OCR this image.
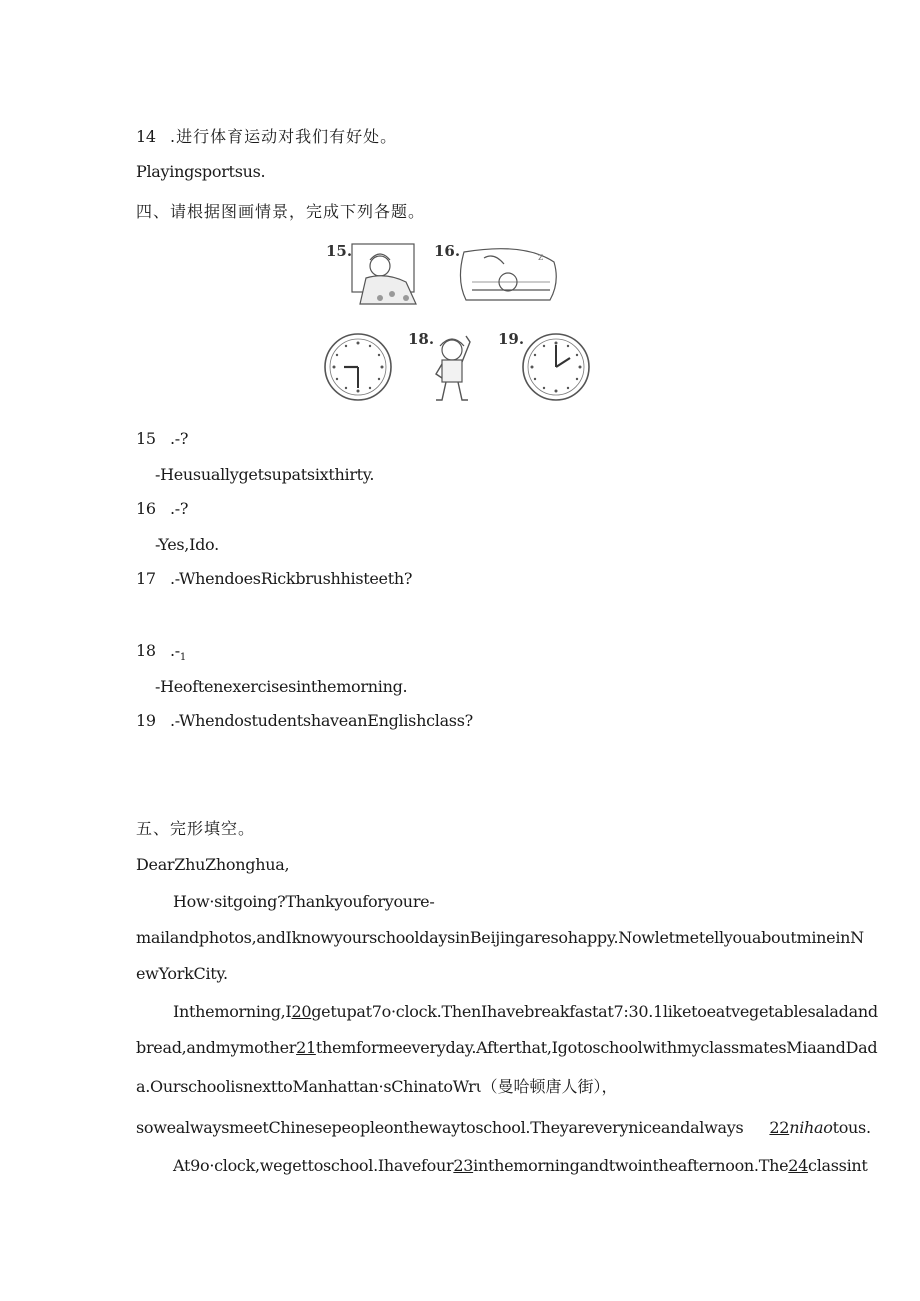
14 .进行体育运动对我们有好处。
Playingsportsus.
四、请根据图画情景，完成下列各题。
15.	16.	z
18.	19.
15 .-?
-Heusuallygetsupatsixthirty.
16 .-?
-Yes,Ido.
17 .-WhendoesRickbrushhisteeth?
18 $.-_1$
-Heoftenexercisesinthemorning.
19 .-WhendostudentshaveanEnglishclass?
五、完形填空。
DearZhuZhonghua,
How·sitgoing?Thankyouforyoure-
mailandphotos,andIknowyourschooldaysinBeijingaresohappy.NowletmetellyouaboutmineinN
ewYorkCity.
Inthemorning,I20getupat7o·clock.ThenIhavebreakfastat7:30.1liketoeatvegetablesaladand
bread,andmymother21themformeeveryday.Afterthat,IgotoschoolwithmyclassmatesMiaandDad
a.OurschoolisnexttoManhattan·sChinatoWrι（曼哈顿唐人街），
sowealwaysmeetChinesepeopleonthewaytoschool.Theyareveryniceandalways 22nihaotous.
At9o·clock,wegettoschool.Ihavefour23inthemorningandtwointheafternoon.The24classint
